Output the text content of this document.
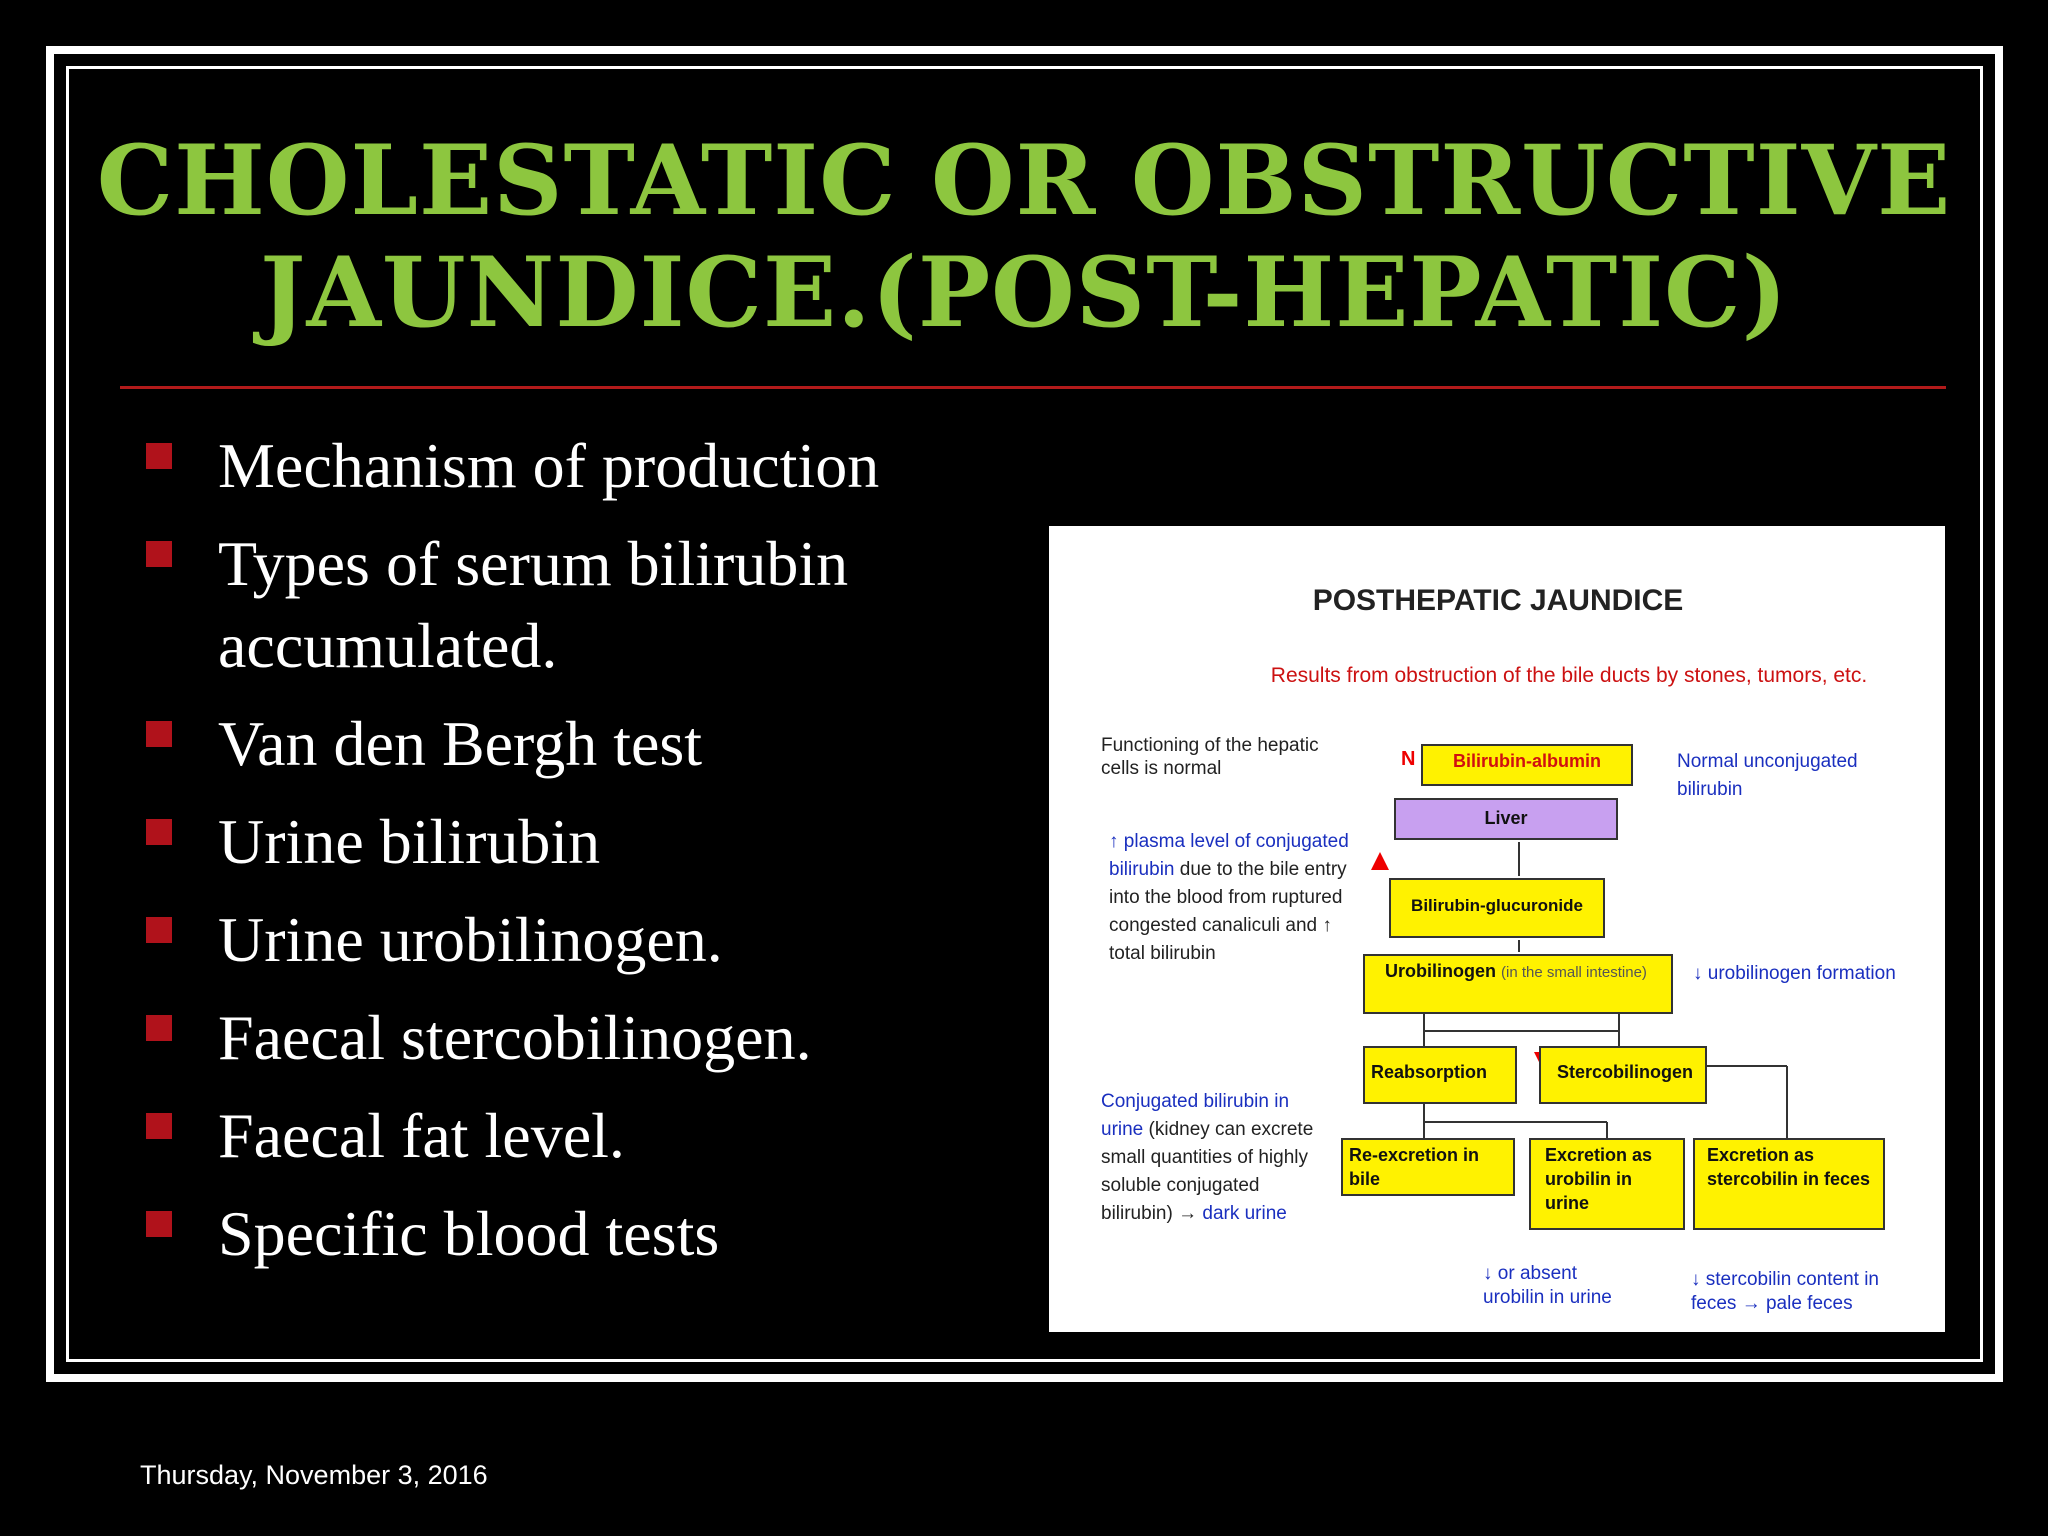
CHOLESTATIC OR OBSTRUCTIVE
JAUNDICE.(POST-HEPATIC)
Mechanism of production
Types of serum bilirubin accumulated.
Van den Bergh test
Urine bilirubin
Urine urobilinogen.
Faecal stercobilinogen.
Faecal fat level.
Specific blood tests
POSTHEPATIC JAUNDICE
Results from obstruction of the bile ducts by stones, tumors, etc.
Functioning of the hepatic cells is normal
↑ plasma level of conjugated bilirubin due to the bile entry into the blood from ruptured congested canaliculi and ↑ total bilirubin
Conjugated bilirubin in urine (kidney can excrete small quantities of highly soluble conjugated bilirubin) → dark urine
Normal unconjugated bilirubin
↓ urobilinogen formation
↓ or absent urobilin in urine
↓ stercobilin content in feces → pale feces
N	Bilirubin-albumin
Liver
Bilirubin-glucuronide
Urobilinogen (in the small intestine)
Reabsorption	Stercobilinogen
Re-excretion in bile
Excretion as urobilin in urine
Excretion as stercobilin in feces
Thursday, November 3, 2016
